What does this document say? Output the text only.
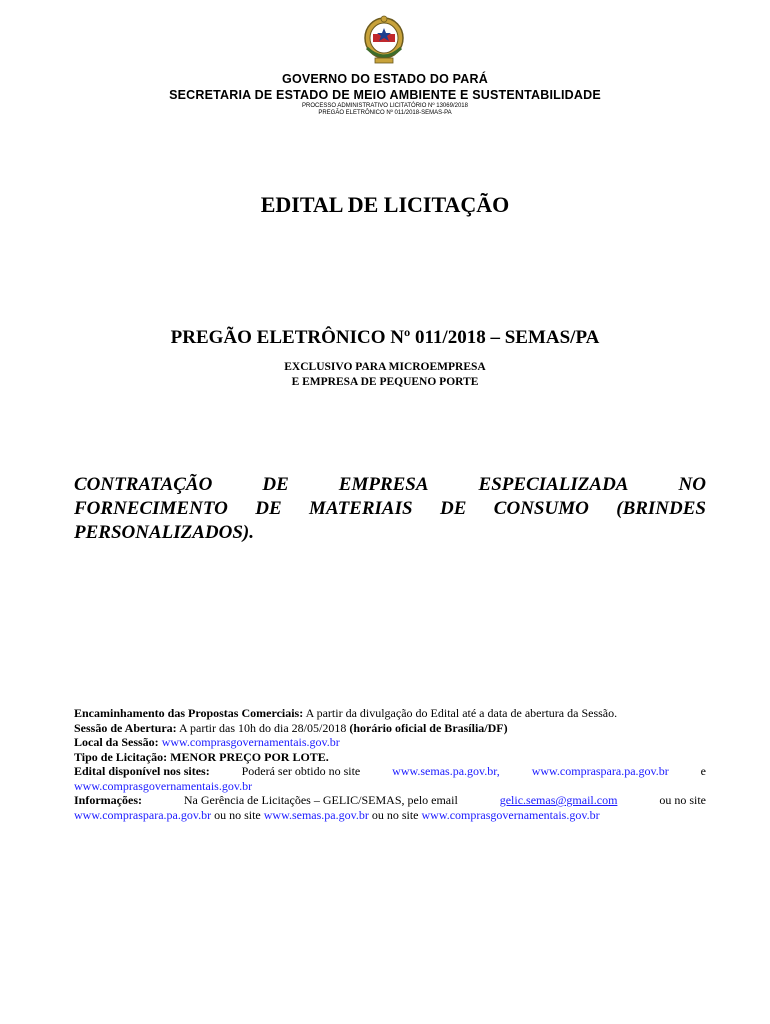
GOVERNO DO ESTADO DO PARÁ
SECRETARIA DE ESTADO DE MEIO AMBIENTE E SUSTENTABILIDADE
PROCESSO ADMINISTRATIVO LICITATÓRIO Nº 13069/2018
PREGÃO ELETRÔNICO Nº 011/2018-SEMAS-PA
EDITAL DE LICITAÇÃO
PREGÃO ELETRÔNICO Nº 011/2018 – SEMAS/PA
EXCLUSIVO PARA MICROEMPRESA
E EMPRESA DE PEQUENO PORTE
CONTRATAÇÃO	DE	EMPRESA	ESPECIALIZADA	NO
FORNECIMENTO DE MATERIAIS DE CONSUMO (BRINDES
PERSONALIZADOS).
Encaminhamento das Propostas Comerciais: A partir da divulgação do Edital até a data de abertura da Sessão.
Sessão de Abertura: A partir das 10h do dia 28/05/2018 (horário oficial de Brasília/DF)
Local da Sessão: www.comprasgovernamentais.gov.br
Tipo de Licitação: MENOR PREÇO POR LOTE.
Edital disponível nos sites:	Poderá ser obtido no site	www.semas.pa.gov.br,	www.compraspara.pa.gov.br	e
www.comprasgovernamentais.gov.br
Informações:	Na Gerência de Licitações – GELIC/SEMAS, pelo email	gelic.semas@gmail.com	ou no site
www.compraspara.pa.gov.br ou no site www.semas.pa.gov.br ou no site www.comprasgovernamentais.gov.br
